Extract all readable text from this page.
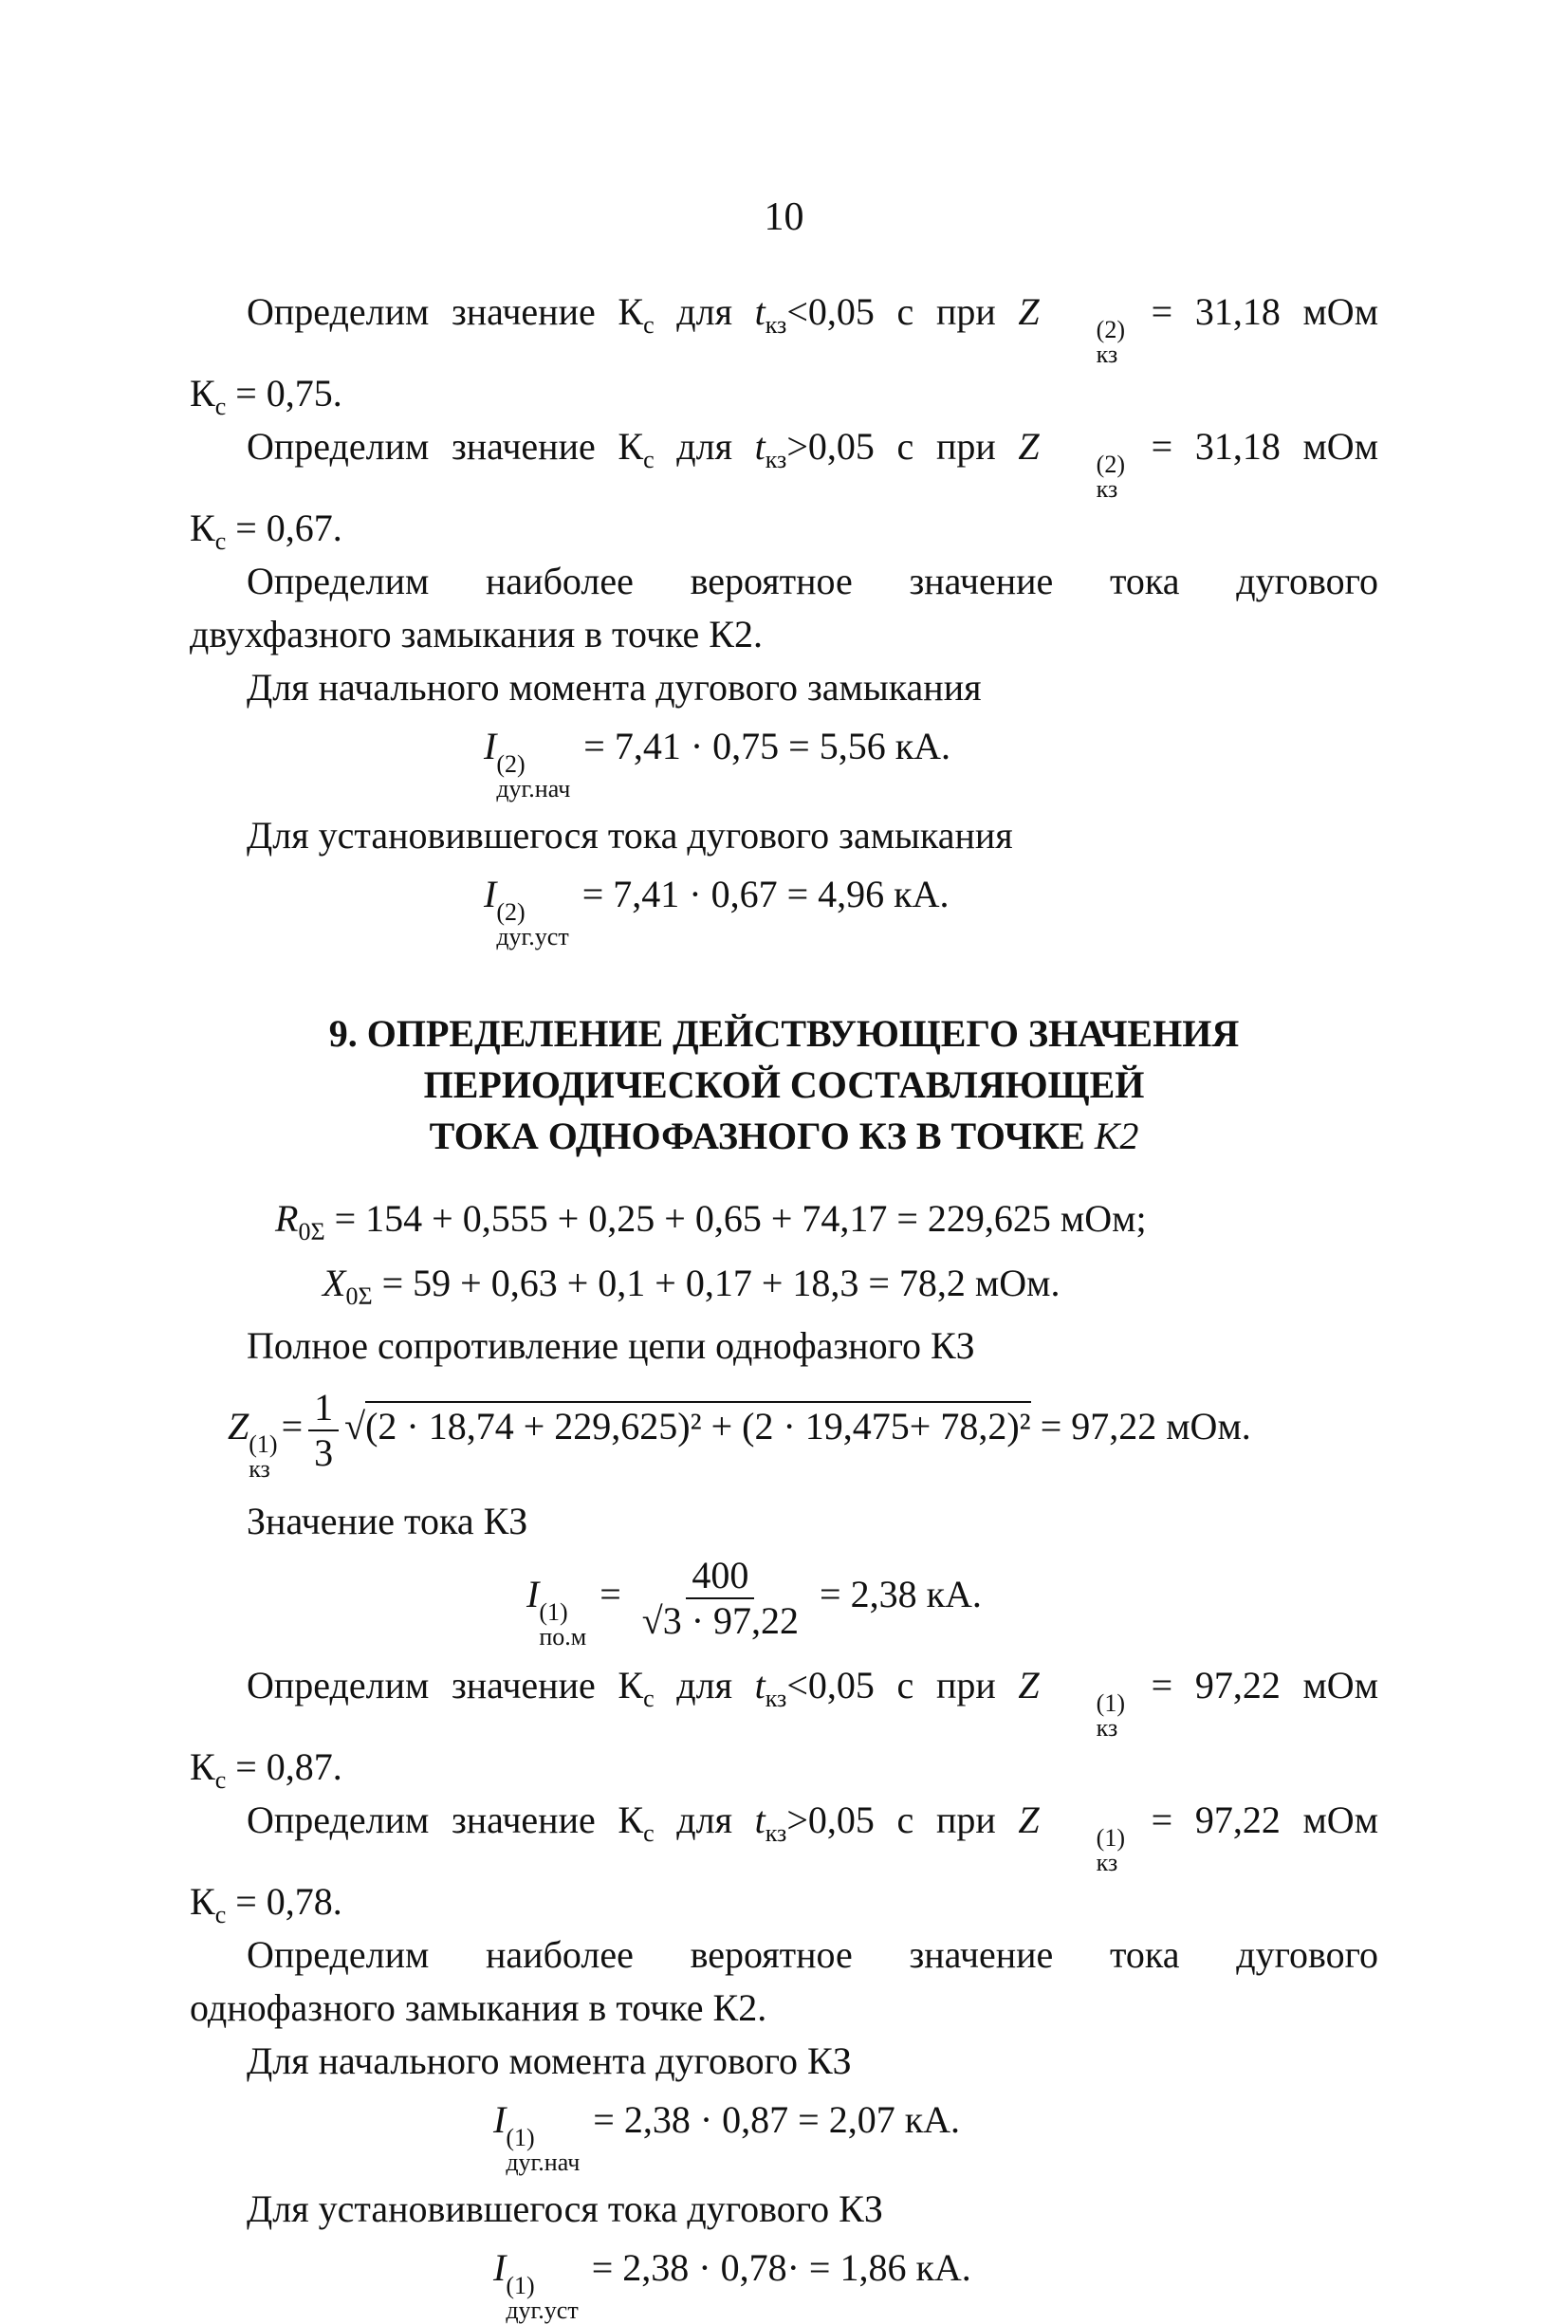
10

Определим значение $К_с$ для $t_{кз}<0,05$ с при Z	(2)
кз
= 31,18 мОм

$К_с = 0,75$.

Определим значение $К_с$ для $t_{кз}>0,05$ с при Z	(2)
кз
= 31,18 мОм

$К_с = 0,67$.

Определим наиболее вероятное значение тока дугового

двухфазного замыкания в точке К2.

Для начального момента дугового замыкания

I (2)
дуг.нач
= 7,41 · 0,75 = 5,56 кА.

Для установившегося тока дугового замыкания

I (2)
дуг.уст
= 7,41 · 0,67 = 4,96 кА.
9. ОПРЕДЕЛЕНИЕ ДЕЙСТВУЮЩЕГО ЗНАЧЕНИЯ
ПЕРИОДИЧЕСКОЙ СОСТАВЛЯЮЩЕЙ
ТОКА ОДНОФАЗНОГО КЗ В ТОЧКЕ К2
$R_{0\Sigma} = 154 + 0,555 + 0,25 + 0,65 + 74,17 = 229,625$ мОм;
$X_{0\Sigma} = 59 + 0,63 + 0,1 + 0,17 + 18,3 = 78,2$ мОм.

Полное сопротивление цепи однофазного КЗ

Z (1)
кз
= $\frac{1}{3} √(2 \cdot 18,74 + 229,625)^2 + (2 \cdot 19,475+ 78,2)^2 = 97,22$ мОм.

Значение тока КЗ

I (1)
по.м
= $\frac{400}{√3 \cdot 97,22} = 2,38$ кА.

Определим значение $К_с$ для $t_{кз}<0,05$ с при Z	(1)
кз
= 97,22 мОм

$К_с = 0,87$.

Определим значение $К_с$ для $t_{кз}>0,05$ с при Z	(1)
кз
= 97,22 мОм

$К_с = 0,78$.

Определим наиболее вероятное значение тока дугового

однофазного замыкания в точке К2.

Для начального момента дугового КЗ

I (1)
дуг.нач
= 2,38 · 0,87 = 2,07 кА.

Для установившегося тока дугового КЗ

I (1)
дуг.уст
= 2,38 · 0,78· = 1,86 кА.
